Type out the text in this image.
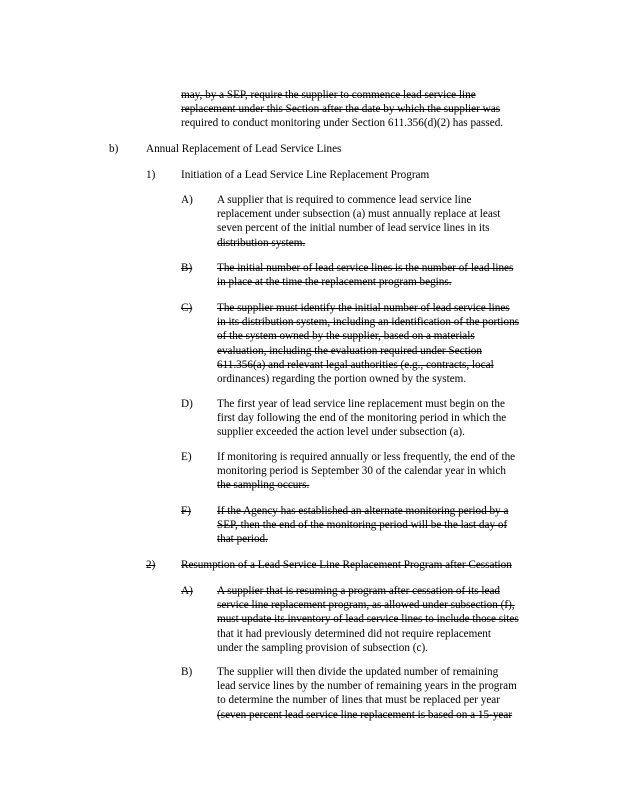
may, by a SEP, require the supplier to commence lead service line
replacement under this Section after the date by which the supplier was
required to conduct monitoring under Section 611.356(d)(2) has passed.
b) Annual Replacement of Lead Service Lines
1) Initiation of a Lead Service Line Replacement Program
A) A supplier that is required to commence lead service line
replacement under subsection (a) must annually replace at least
seven percent of the initial number of lead service lines in its
distribution system.
B) The initial number of lead service lines is the number of lead lines
in place at the time the replacement program begins.
C) The supplier must identify the initial number of lead service lines
in its distribution system, including an identification of the portions
of the system owned by the supplier, based on a materials
evaluation, including the evaluation required under Section
611.356(a) and relevant legal authorities (e.g., contracts, local
ordinances) regarding the portion owned by the system.
D) The first year of lead service line replacement must begin on the
first day following the end of the monitoring period in which the
supplier exceeded the action level under subsection (a).
E) If monitoring is required annually or less frequently, the end of the
monitoring period is September 30 of the calendar year in which
the sampling occurs.
F) If the Agency has established an alternate monitoring period by a
SEP, then the end of the monitoring period will be the last day of
that period.
2) Resumption of a Lead Service Line Replacement Program after Cessation
A) A supplier that is resuming a program after cessation of its lead
service line replacement program, as allowed under subsection (f),
must update its inventory of lead service lines to include those sites
that it had previously determined did not require replacement
under the sampling provision of subsection (c).
B) The supplier will then divide the updated number of remaining
lead service lines by the number of remaining years in the program
to determine the number of lines that must be replaced per year
(seven percent lead service line replacement is based on a 15-year
